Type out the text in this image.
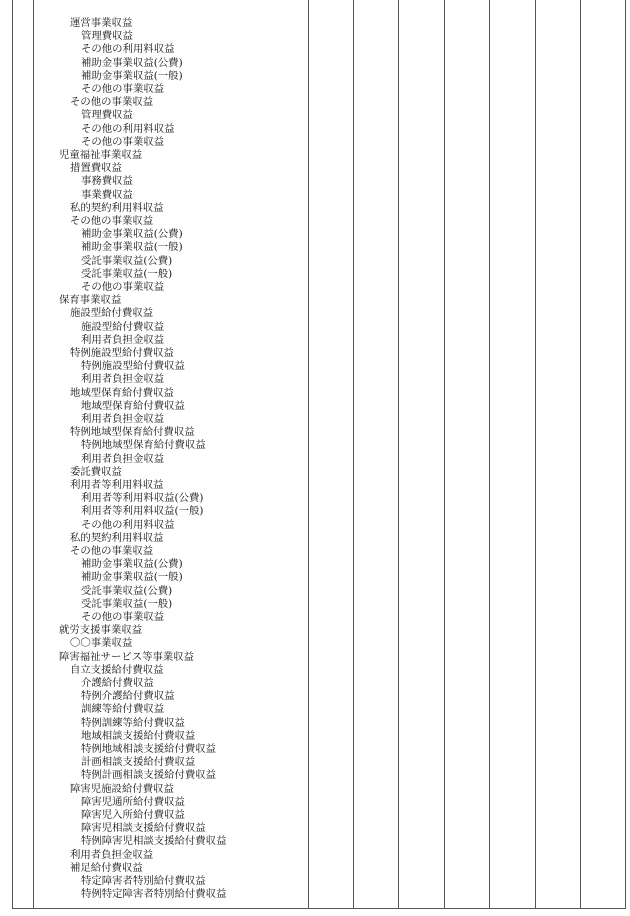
運営事業収益
管理費収益
その他の利用料収益
補助金事業収益(公費)
補助金事業収益(一般)
その他の事業収益
その他の事業収益
管理費収益
その他の利用料収益
その他の事業収益
児童福祉事業収益
措置費収益
事務費収益
事業費収益
私的契約利用料収益
その他の事業収益
補助金事業収益(公費)
補助金事業収益(一般)
受託事業収益(公費)
受託事業収益(一般)
その他の事業収益
保育事業収益
施設型給付費収益
施設型給付費収益
利用者負担金収益
特例施設型給付費収益
特例施設型給付費収益
利用者負担金収益
地域型保育給付費収益
地域型保育給付費収益
利用者負担金収益
特例地域型保育給付費収益
特例地域型保育給付費収益
利用者負担金収益
委託費収益
利用者等利用料収益
利用者等利用料収益(公費)
利用者等利用料収益(一般)
その他の利用料収益
私的契約利用料収益
その他の事業収益
補助金事業収益(公費)
補助金事業収益(一般)
受託事業収益(公費)
受託事業収益(一般)
その他の事業収益
就労支援事業収益
〇〇事業収益
障害福祉サービス等事業収益
自立支援給付費収益
介護給付費収益
特例介護給付費収益
訓練等給付費収益
特例訓練等給付費収益
地域相談支援給付費収益
特例地域相談支援給付費収益
計画相談支援給付費収益
特例計画相談支援給付費収益
障害児施設給付費収益
障害児通所給付費収益
障害児入所給付費収益
障害児相談支援給付費収益
特例障害児相談支援給付費収益
利用者負担金収益
補足給付費収益
特定障害者特別給付費収益
特例特定障害者特別給付費収益
